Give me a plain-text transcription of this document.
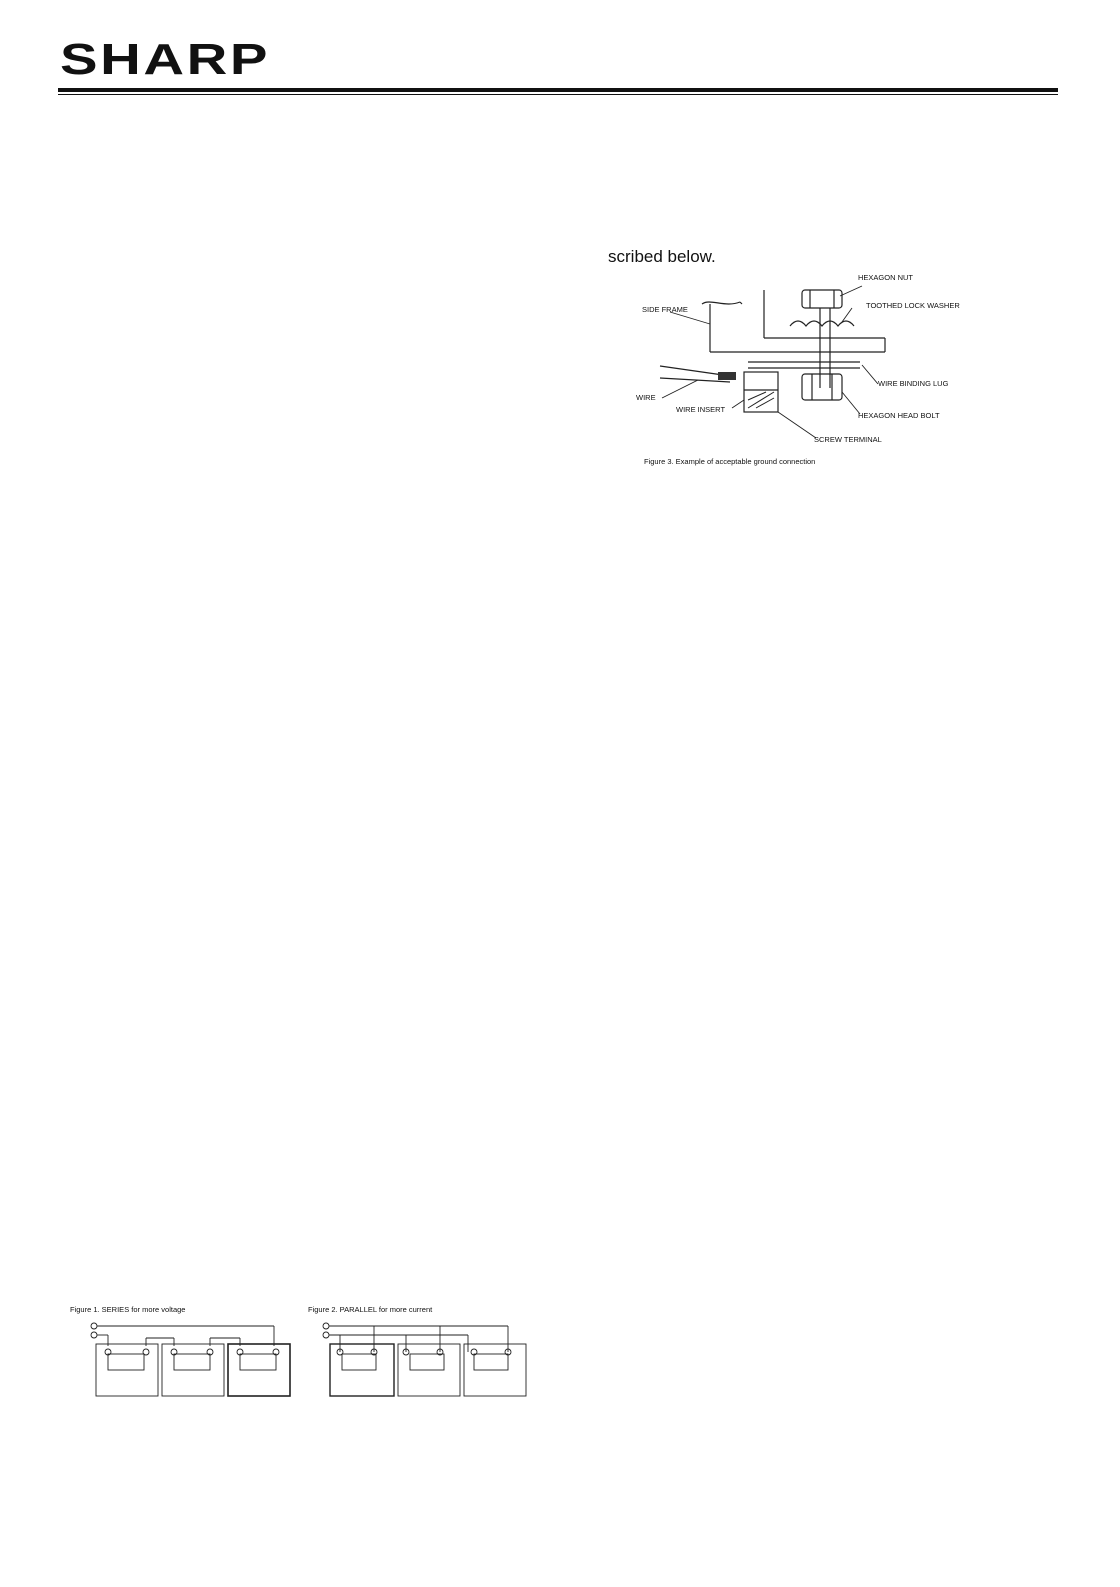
SHARP
scribed below.
HEXAGON NUT
TOOTHED LOCK WASHER
SIDE FRAME
WIRE
WIRE INSERT
WIRE BINDING LUG
HEXAGON HEAD BOLT
SCREW TERMINAL
Figure 3. Example of acceptable ground connection
Figure 1. SERIES for more voltage	Figure 2. PARALLEL for more current
